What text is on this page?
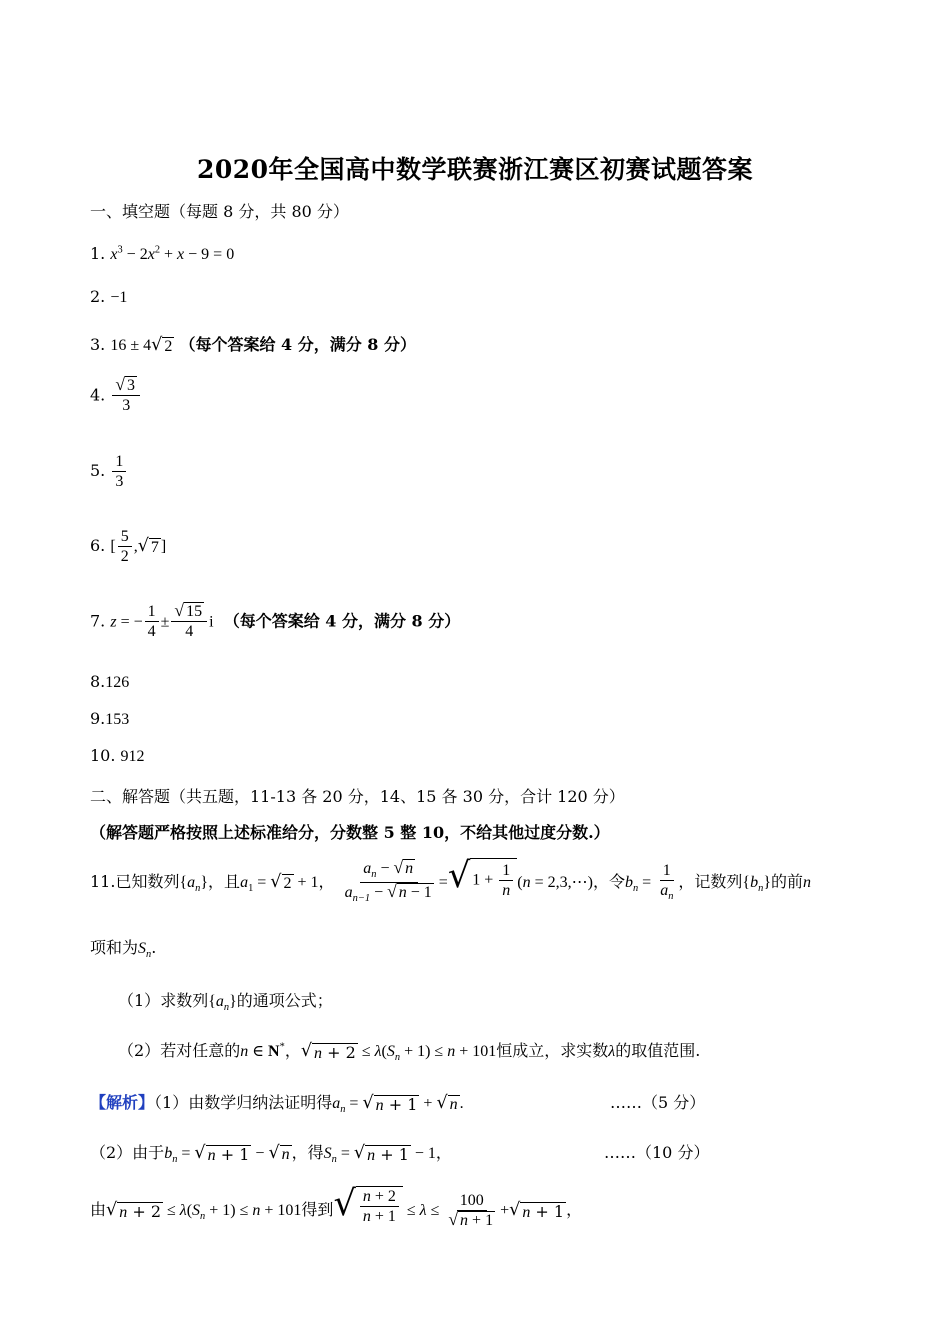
2020年全国高中数学联赛浙江赛区初赛试题答案
一、填空题（每题 8 分，共 80 分）
1. $x^3 - 2x^2 + x - 9 = 0$
2. −1
3. 16 ± 4 √ 2 （每个答案给 4 分，满分 8 分）
4. $\frac{√ 3}{3}$
5. $\frac{1}{3}$
6. [ $\frac{5}{2}$ , √ 7 ]
7. z = − $\frac{1}{4} \pm \frac{√ 15}{4}$ i （每个答案给 4 分，满分 8 分）
8.126
9.153
10. 912
二、解答题（共五题，11-13 各 20 分，14、15 各 30 分，合计 120 分）
（解答题严格按照上述标准给分，分数整 5 整 10，不给其他过度分数.）
11.已知数列$\{a_n\}$，且$a_1$ = √ 2 + 1， $\frac{a_n - √ n}{a_{n-1} - √ n - 1}$ = √ $1 + \frac{1}{n} (n$ = 2,3,⋯)，令$b_n = \frac{1}{a_n}$ ，记数列$\{b_n\}$的前n
项和为$S_n$.
（1）求数列$\{a_n\}$的通项公式；
（2）若对任意的n ∈ N*， √ $n + 2 \le \lambda(S_n + 1) \le n + 101$恒成立，求实数λ的取值范围.
【解析】（1）由数学归纳法证明得$a_n$ = √ n + 1 + √ n .	……（5 分）
（2）由于$b_n$ = √ n + 1 − √ n ，得$S_n$ = √ n + 1 − 1，	……（10 分）
由 √ $n + 2 \le \lambda(S_n + 1) \le n + 101$得到 √ $\frac{n + 2}{n + 1} \le \lambda \le \frac{100}{√ n + 1}$ + √ n + 1 ，
